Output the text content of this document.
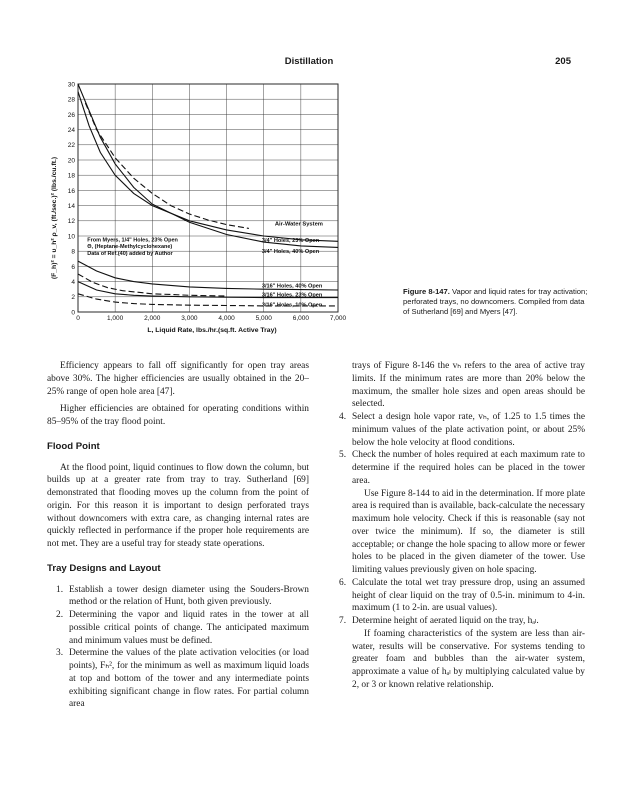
Distillation	205
0
2
4
6
8
10
12
14
16
18
20
22
24
26
28
30
0	1,000	2,000	3,000	4,000	5,000	6,000	7,000
L, Liquid Rate, lbs./hr.(sq.ft. Active Tray)
(F_h)² = υ_h² ρ_v, (ft./sec.)² (lbs./cu.ft.)	3/4" Holes, 23% Open
3/4" Holes, 40% Open
3/16" Holes, 40% Open
3/16" Holes, 23% Open
3/16" Holes, 10% Open
Air-Water System
From Myers, 1/4" Holes, 23% Open
Θ, (Heptane-Methylcyclohexane)
Data of Ref.(40) added by Author
Figure 8-147. Vapor and liquid rates for tray activation; perforated trays, no downcomers. Compiled from data of Sutherland [69] and Myers [47].

Efficiency appears to fall off significantly for open tray areas above 30%. The higher efficiencies are usually obtained in the 20–25% range of open hole area [47].

Higher efficiencies are obtained for operating conditions within 85–95% of the tray flood point.

Flood Point

At the flood point, liquid continues to flow down the column, but builds up at a greater rate from tray to tray. Sutherland [69] demonstrated that flooding moves up the column from the point of origin. For this reason it is important to design perforated trays without downcomers with extra care, as changing internal rates are quickly reflected in performance if the proper hole requirements are not met. They are a useful tray for steady state operations.

Tray Designs and Layout
1. Establish a tower design diameter using the Souders-Brown method or the relation of Hunt, both given previously.
2. Determining the vapor and liquid rates in the tower at all possible critical points of change. The anticipated maximum and minimum values must be defined.
3. Determine the values of the plate activation velocities (or load points), Fₕ², for the minimum as well as maximum liquid loads at top and bottom of the tower and any intermediate points exhibiting significant change in flow rates. For partial column area

trays of Figure 8-146 the vₕ refers to the area of active tray limits. If the minimum rates are more than 20% below the maximum, the smaller hole sizes and open areas should be selected.

4. Select a design hole vapor rate, vₕ, of 1.25 to 1.5 times the minimum values of the plate activation point, or about 25% below the hole velocity at flood conditions.
5. Check the number of holes required at each maximum rate to determine if the required holes can be placed in the tower area.

Use Figure 8-144 to aid in the determination. If more plate area is required than is available, back-calculate the necessary maximum hole velocity. Check if this is reasonable (say not over twice the minimum). If so, the diameter is still acceptable; or change the hole spacing to allow more or fewer holes to be placed in the given diameter of the tower. Use limiting values previously given on hole spacing.

6. Calculate the total wet tray pressure drop, using an assumed height of clear liquid on the tray of 0.5-in. minimum to 4-in. maximum (1 to 2-in. are usual values).
7. Determine height of aerated liquid on the tray, hₐₗ.

If foaming characteristics of the system are less than air-water, results will be conservative. For systems tending to greater foam and bubbles than the air-water system, approximate a value of hₐₗ by multiplying calculated value by 2, or 3 or known relative relationship.
